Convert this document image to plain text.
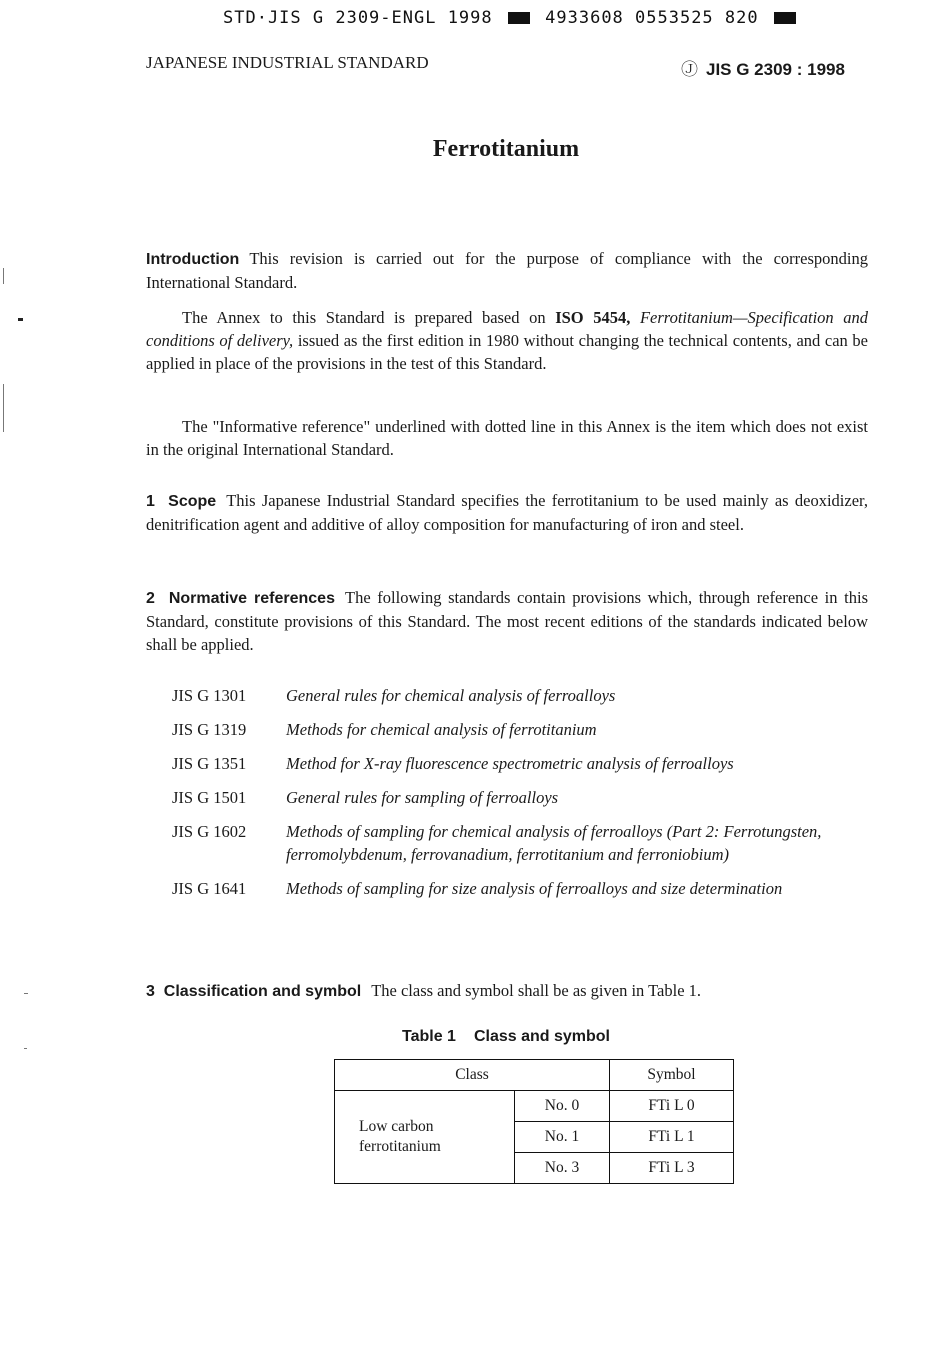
STD·JIS G 2309-ENGL 1998	4933608 0553525 820
JAPANESE INDUSTRIAL STANDARD	Ⓙ JIS G 2309 : 1998
Ferrotitanium
Introduction This revision is carried out for the purpose of compliance with the corresponding International Standard.
The Annex to this Standard is prepared based on ISO 5454, Ferrotitanium—Specification and conditions of delivery, issued as the first edition in 1980 without changing the technical contents, and can be applied in place of the provisions in the test of this Standard.
The "Informative reference" underlined with dotted line in this Annex is the item which does not exist in the original International Standard.
1 Scope This Japanese Industrial Standard specifies the ferrotitanium to be used mainly as deoxidizer, denitrification agent and additive of alloy composition for manufacturing of iron and steel.
2 Normative references The following standards contain provisions which, through reference in this Standard, constitute provisions of this Standard. The most recent editions of the standards indicated below shall be applied.
JIS G 1301	General rules for chemical analysis of ferroalloys
JIS G 1319	Methods for chemical analysis of ferrotitanium
JIS G 1351	Method for X-ray fluorescence spectrometric analysis of ferroalloys
JIS G 1501	General rules for sampling of ferroalloys
JIS G 1602	Methods of sampling for chemical analysis of ferroalloys (Part 2: Ferrotungsten, ferromolybdenum, ferrovanadium, ferrotitanium and ferroniobium)
JIS G 1641	Methods of sampling for size analysis of ferroalloys and size determination
3 Classification and symbol The class and symbol shall be as given in Table 1.
Table 1 Class and symbol
Class		Symbol
Low carbon ferrotitanium	No. 0	FTi L 0
	No. 1	FTi L 1
	No. 3	FTi L 3
